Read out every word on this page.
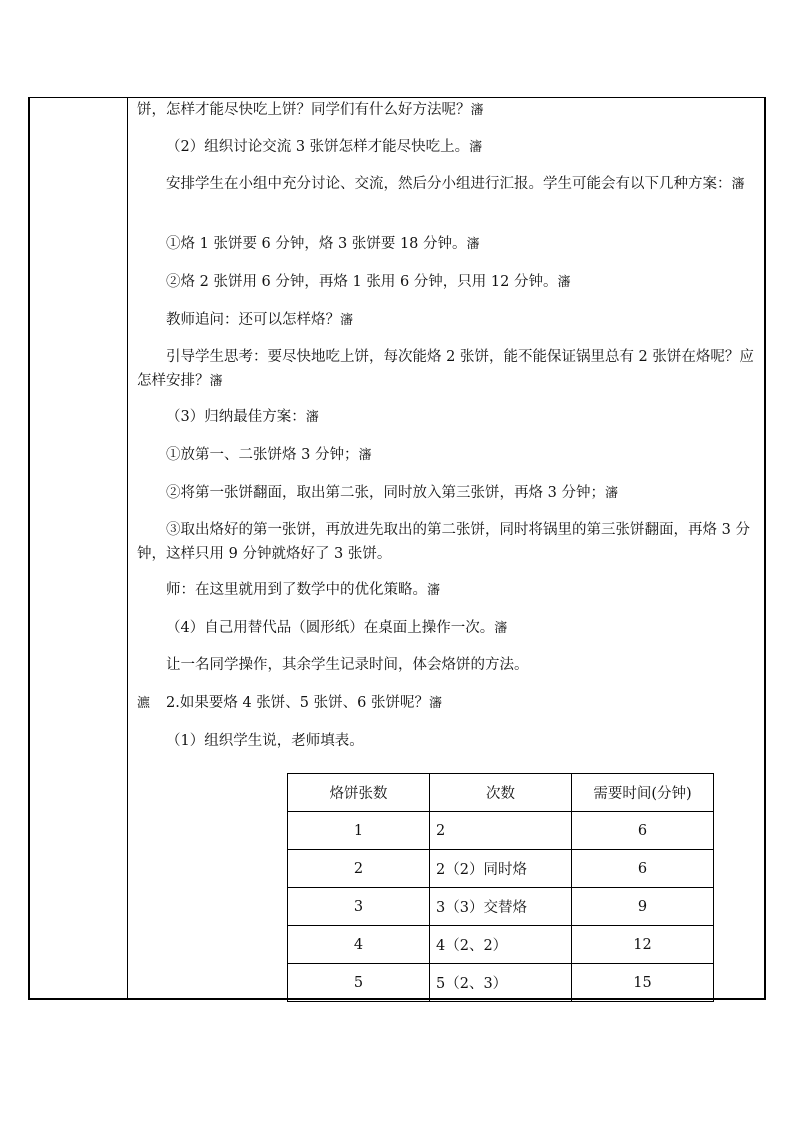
饼，怎样才能尽快吃上饼？同学们有什么好方法呢？瀋

（2）组织讨论交流 3 张饼怎样才能尽快吃上。瀋

安排学生在小组中充分讨论、交流，然后分小组进行汇报。学生可能会有以下几种方案：瀋

①烙 1 张饼要 6 分钟，烙 3 张饼要 18 分钟。瀋

②烙 2 张饼用 6 分钟，再烙 1 张用 6 分钟，只用 12 分钟。瀋

教师追问：还可以怎样烙？瀋

引导学生思考：要尽快地吃上饼，每次能烙 2 张饼，能不能保证锅里总有 2 张饼在烙呢？应怎样安排？瀋

（3）归纳最佳方案：瀋

①放第一、二张饼烙 3 分钟；瀋

②将第一张饼翻面，取出第二张，同时放入第三张饼，再烙 3 分钟；瀋

③取出烙好的第一张饼，再放进先取出的第二张饼，同时将锅里的第三张饼翻面，再烙 3 分钟，这样只用 9 分钟就烙好了 3 张饼。

师：在这里就用到了数学中的优化策略。瀋

（4）自己用替代品（圆形纸）在桌面上操作一次。瀋

让一名同学操作，其余学生记录时间，体会烙饼的方法。

瀌 2.如果要烙 4 张饼、5 张饼、6 张饼呢？瀋

（1）组织学生说，老师填表。

烙饼张数	次数	需要时间(分钟)
1	2	6
2	2（2）同时烙	6
3	3（3）交替烙	9
4	4（2、2）	12
5	5（2、3）	15
